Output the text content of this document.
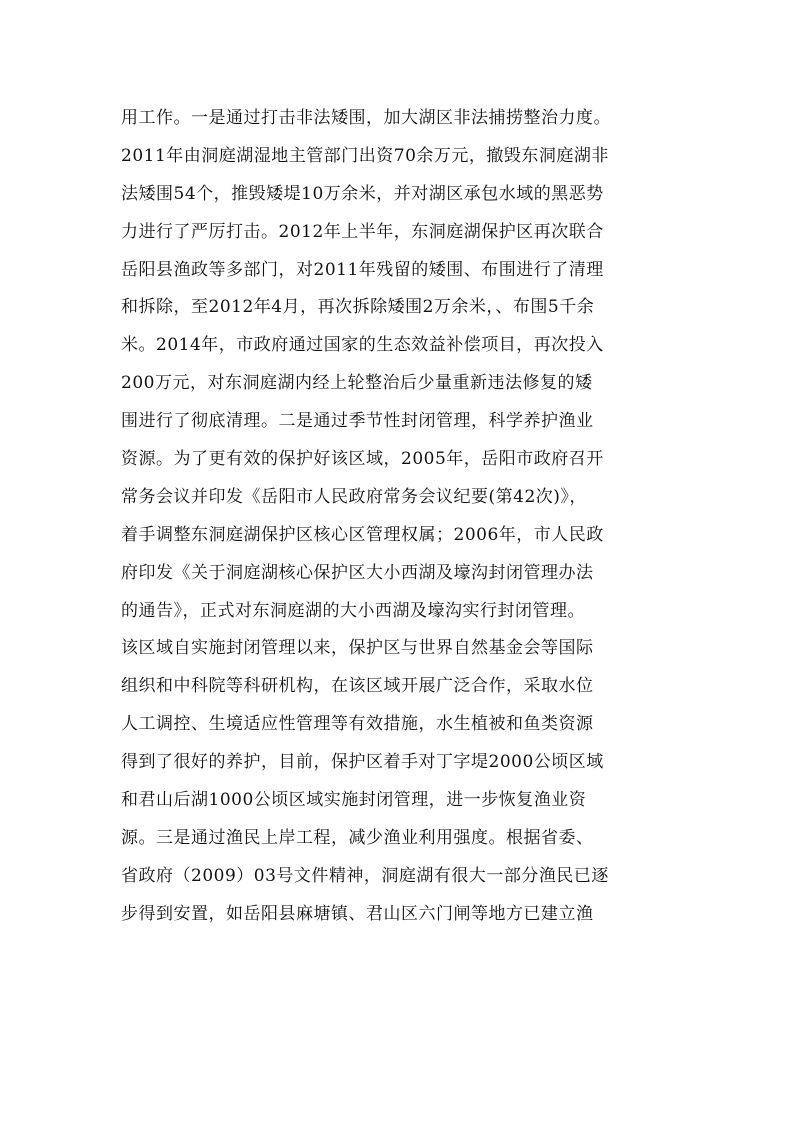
用工作。一是通过打击非法矮围，加大湖区非法捕捞整治力度。
2011年由洞庭湖湿地主管部门出资70余万元，撤毁东洞庭湖非
法矮围54个，推毁矮堤10万余米，并对湖区承包水域的黑恶势
力进行了严厉打击。2012年上半年，东洞庭湖保护区再次联合
岳阳县渔政等多部门，对2011年残留的矮围、布围进行了清理
和拆除，至2012年4月，再次拆除矮围2万余米，、布围5千余
米。2014年，市政府通过国家的生态效益补偿项目，再次投入
200万元，对东洞庭湖内经上轮整治后少量重新违法修复的矮
围进行了彻底清理。二是通过季节性封闭管理，科学养护渔业
资源。为了更有效的保护好该区域，2005年，岳阳市政府召开
常务会议并印发《岳阳市人民政府常务会议纪要(第42次)》，
着手调整东洞庭湖保护区核心区管理权属；2006年，市人民政
府印发《关于洞庭湖核心保护区大小西湖及壕沟封闭管理办法
的通告》，正式对东洞庭湖的大小西湖及壕沟实行封闭管理。
该区域自实施封闭管理以来，保护区与世界自然基金会等国际
组织和中科院等科研机构，在该区域开展广泛合作，采取水位
人工调控、生境适应性管理等有效措施，水生植被和鱼类资源
得到了很好的养护，目前，保护区着手对丁字堤2000公顷区域
和君山后湖1000公顷区域实施封闭管理，进一步恢复渔业资
源。三是通过渔民上岸工程，减少渔业利用强度。根据省委、
省政府（2009）03号文件精神，洞庭湖有很大一部分渔民已逐
步得到安置，如岳阳县麻塘镇、君山区六门闸等地方已建立渔
